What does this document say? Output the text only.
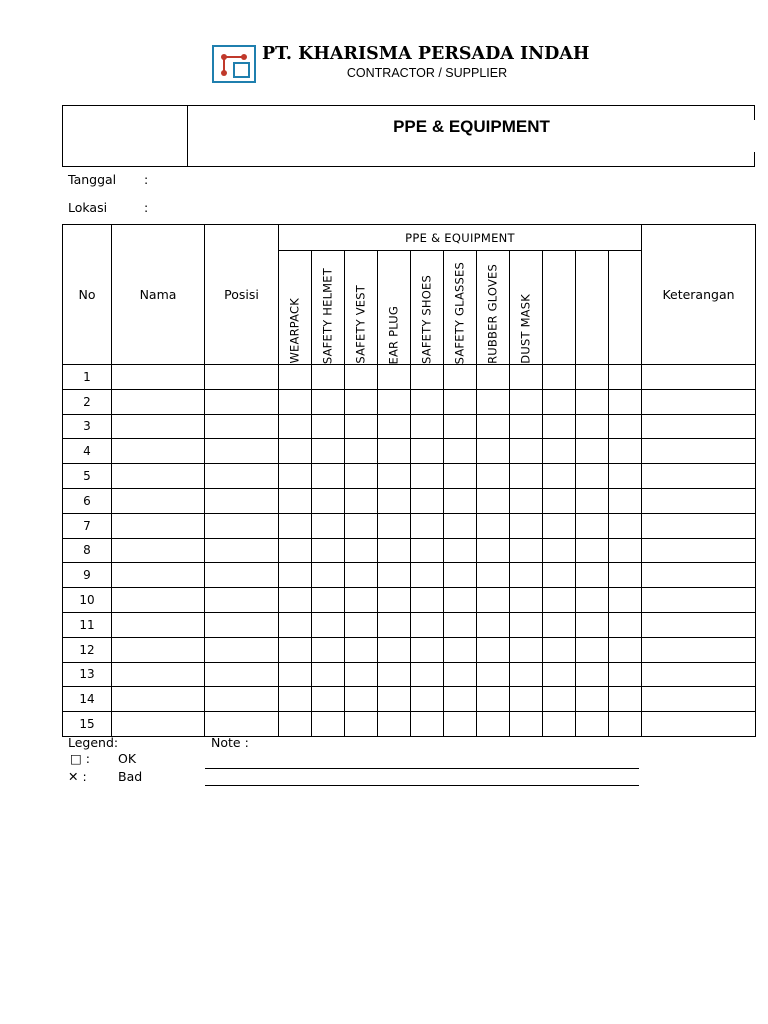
PT. KHARISMA PERSADA INDAH
CONTRACTOR / SUPPLIER
PPE & EQUIPMENT
Tanggal :
Lokasi	:
No	Nama	Posisi	PPE & EQUIPMENT											Keterangan

			WEARPACK	SAFETY HELMET	SAFETY VEST	EAR PLUG	SAFETY SHOES	SAFETY GLASSES	RUBBER GLOVES	DUST MASK				

1														
2														
3														
4														
5														
6														
7														
8														
9														
10														
11														
12														
13														
14														
15														
Legend:
□ : OK
✕ :	Bad
Note :
